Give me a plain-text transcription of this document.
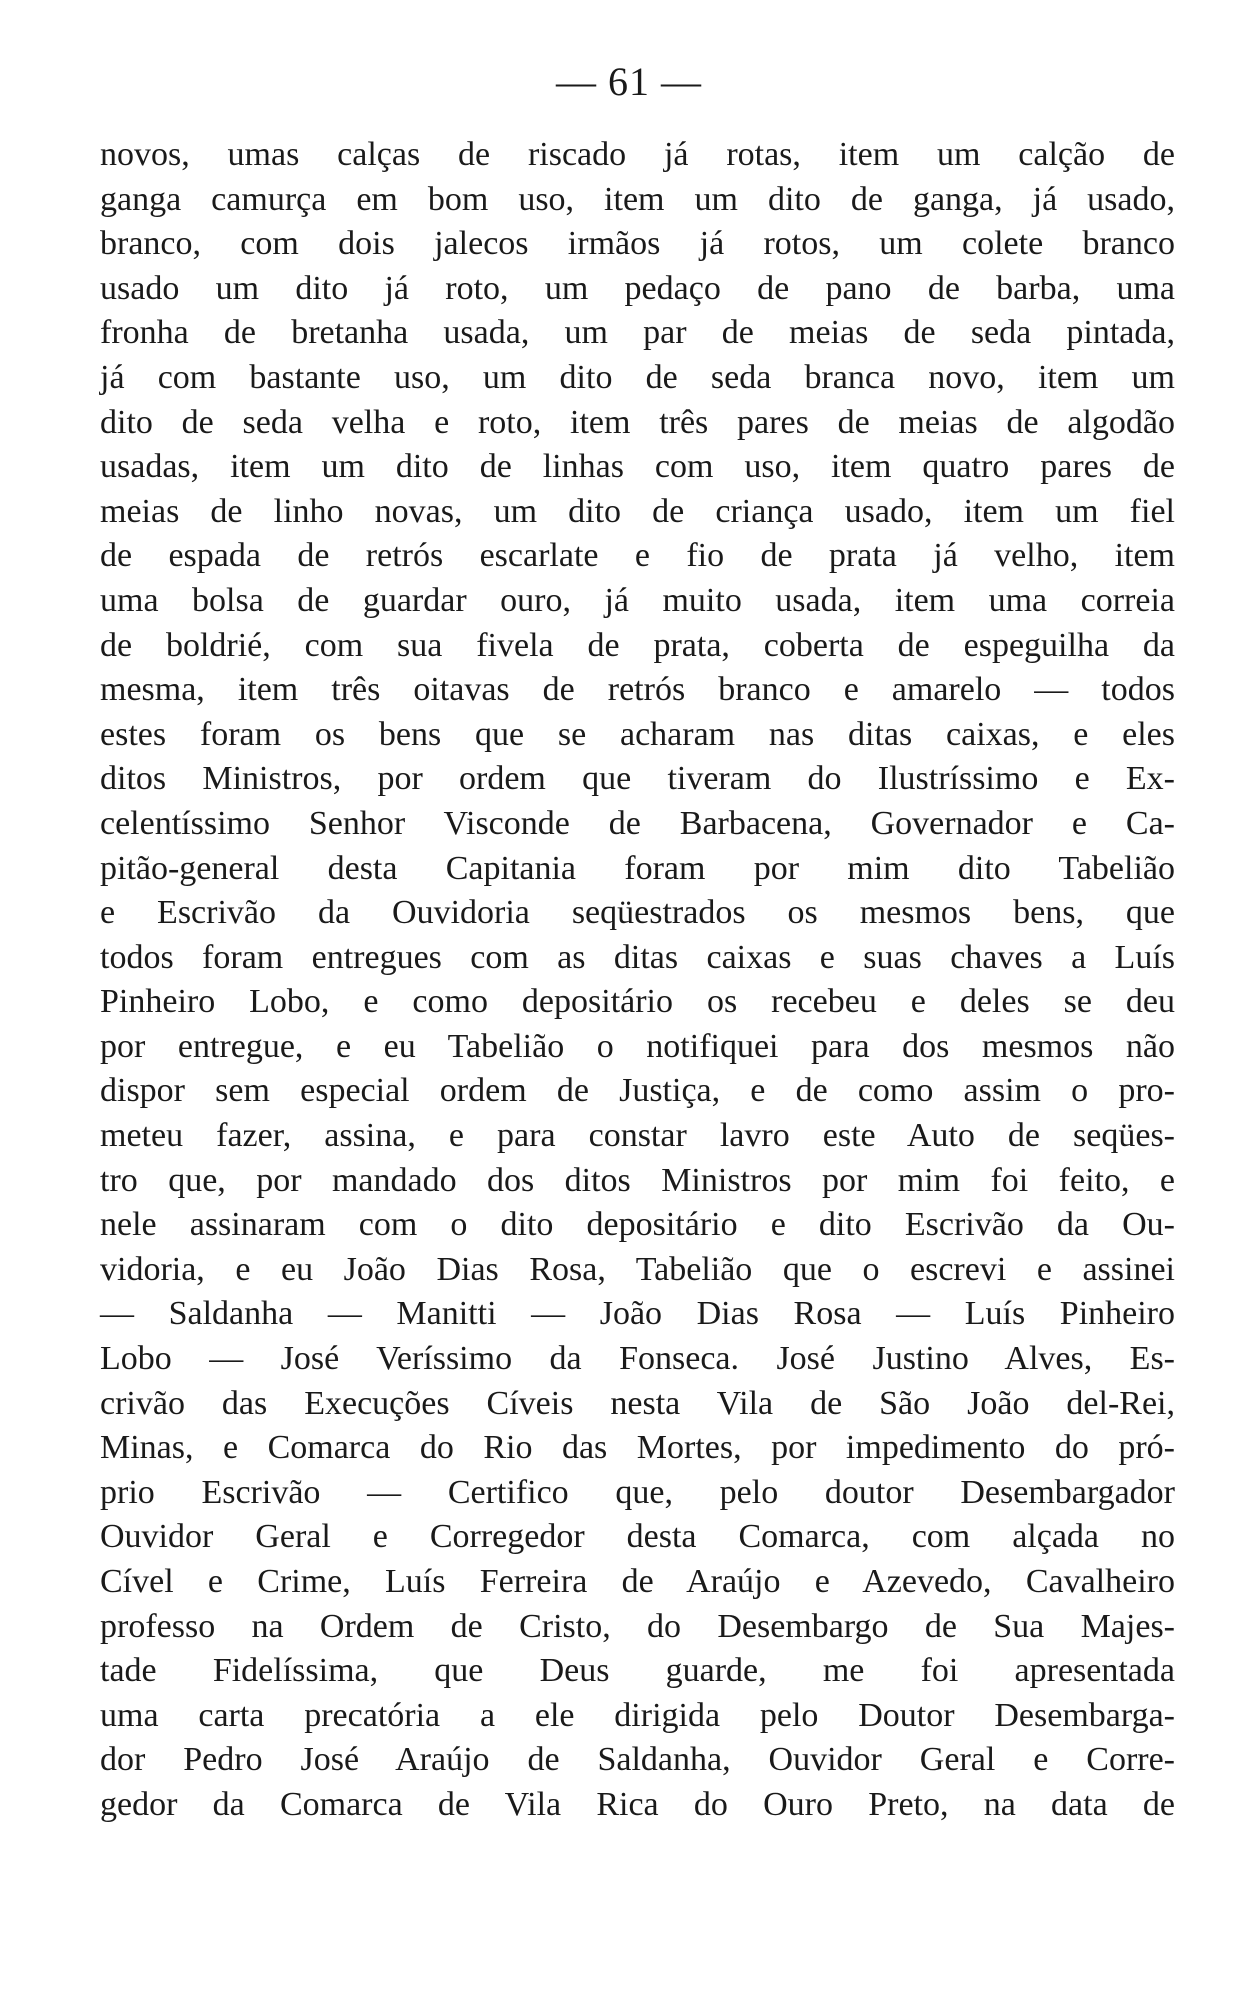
— 61 —
novos, umas calças de riscado já rotas, item um calção de
ganga camurça em bom uso, item um dito de ganga, já usado,
branco, com dois jalecos irmãos já rotos, um colete branco
usado um dito já roto, um pedaço de pano de barba, uma
fronha de bretanha usada, um par de meias de seda pintada,
já com bastante uso, um dito de seda branca novo, item um
dito de seda velha e roto, item três pares de meias de algodão
usadas, item um dito de linhas com uso, item quatro pares de
meias de linho novas, um dito de criança usado, item um fiel
de espada de retrós escarlate e fio de prata já velho, item
uma bolsa de guardar ouro, já muito usada, item uma correia
de boldrié, com sua fivela de prata, coberta de espeguilha da
mesma, item três oitavas de retrós branco e amarelo — todos
estes foram os bens que se acharam nas ditas caixas, e eles
ditos Ministros, por ordem que tiveram do Ilustríssimo e Ex-
celentíssimo Senhor Visconde de Barbacena, Governador e Ca-
pitão-general desta Capitania foram por mim dito Tabelião
e Escrivão da Ouvidoria seqüestrados os mesmos bens, que
todos foram entregues com as ditas caixas e suas chaves a Luís
Pinheiro Lobo, e como depositário os recebeu e deles se deu
por entregue, e eu Tabelião o notifiquei para dos mesmos não
dispor sem especial ordem de Justiça, e de como assim o pro-
meteu fazer, assina, e para constar lavro este Auto de seqües-
tro que, por mandado dos ditos Ministros por mim foi feito, e
nele assinaram com o dito depositário e dito Escrivão da Ou-
vidoria, e eu João Dias Rosa, Tabelião que o escrevi e assinei
— Saldanha — Manitti — João Dias Rosa — Luís Pinheiro
Lobo — José Veríssimo da Fonseca. José Justino Alves, Es-
crivão das Execuções Cíveis nesta Vila de São João del-Rei,
Minas, e Comarca do Rio das Mortes, por impedimento do pró-
prio Escrivão — Certifico que, pelo doutor Desembargador
Ouvidor Geral e Corregedor desta Comarca, com alçada no
Cível e Crime, Luís Ferreira de Araújo e Azevedo, Cavalheiro
professo na Ordem de Cristo, do Desembargo de Sua Majes-
tade Fidelíssima, que Deus guarde, me foi apresentada
uma carta precatória a ele dirigida pelo Doutor Desembarga-
dor Pedro José Araújo de Saldanha, Ouvidor Geral e Corre-
gedor da Comarca de Vila Rica do Ouro Preto, na data de
